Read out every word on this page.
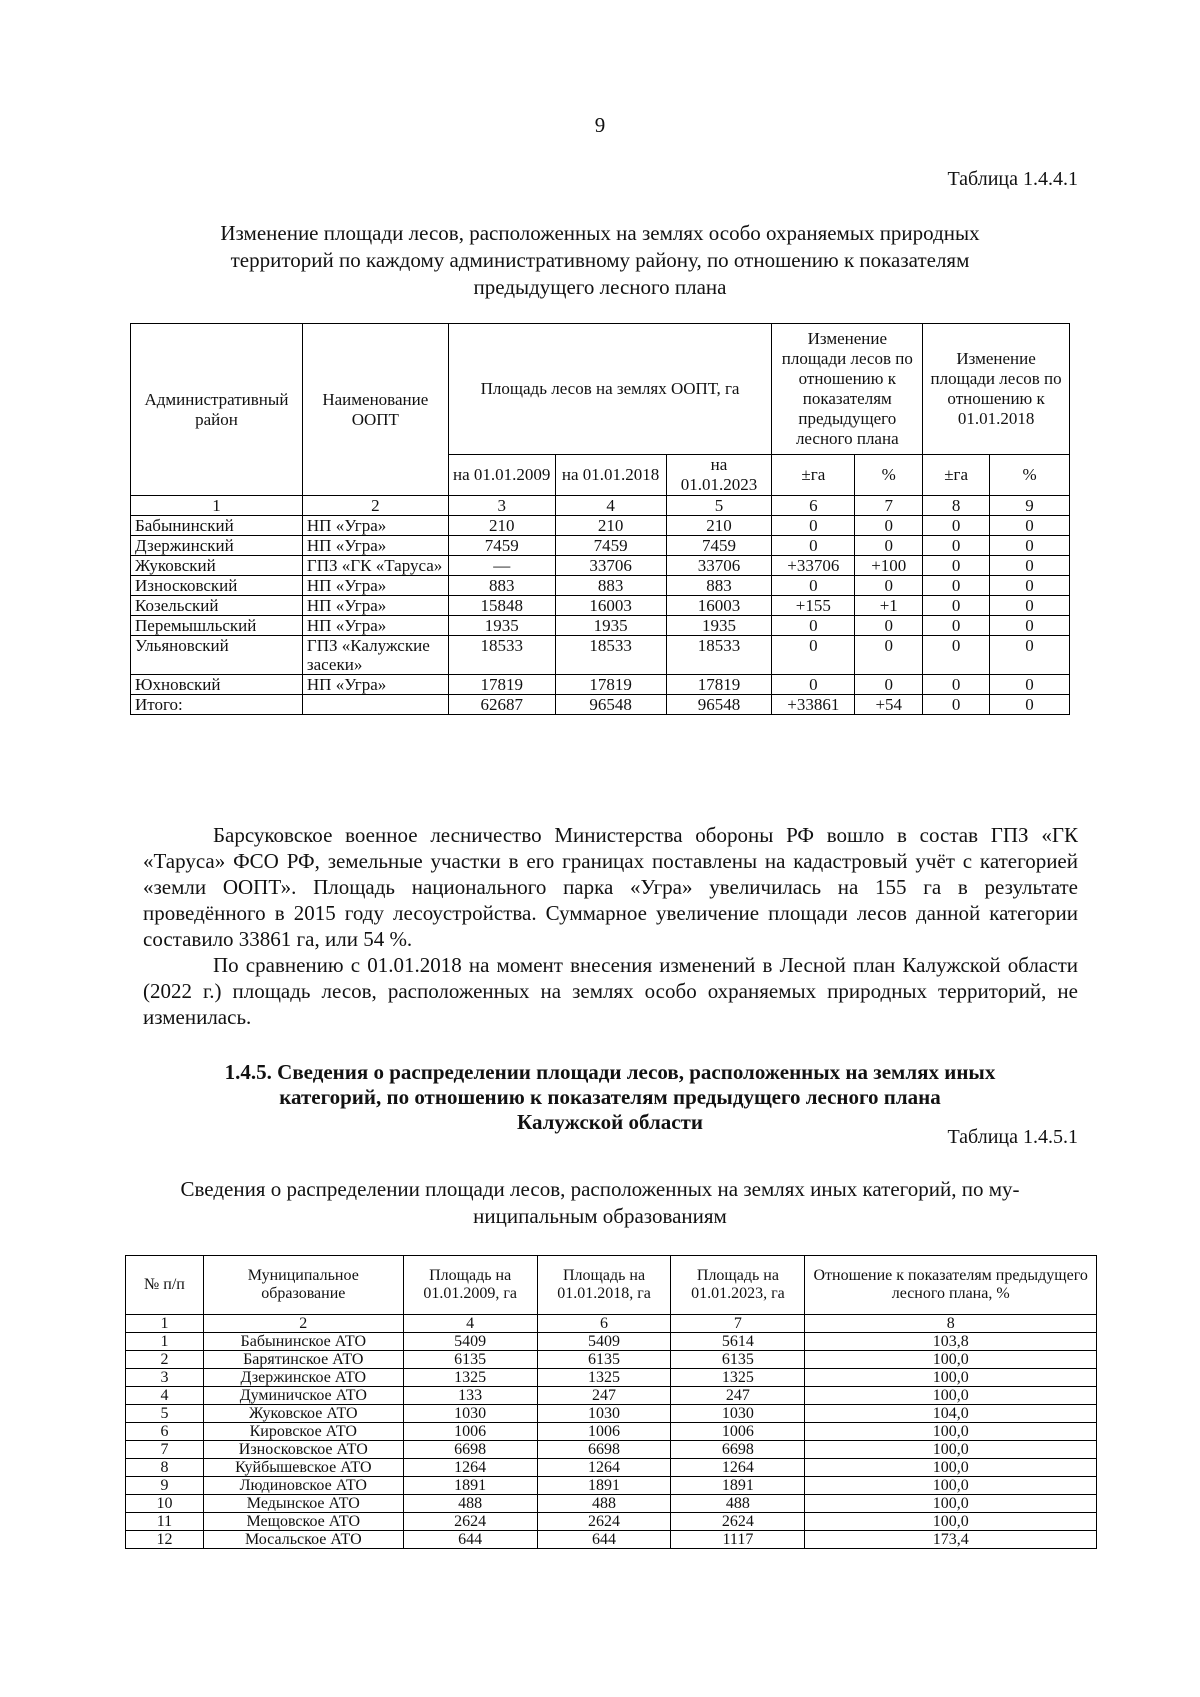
9
Таблица 1.4.4.1
Изменение площади лесов, расположенных на землях особо охраняемых природных
территорий по каждому административному району, по отношению к показателям
предыдущего лесного плана
Административный район	Наименование ООПТ	Площадь лесов на землях ООПТ, га			Изменение площади лесов по отношению к показателям предыдущего лесного плана		Изменение площади лесов по отношению к 01.01.2018	
		на 01.01.2009	на 01.01.2018	на 01.01.2023	±га	%	±га	%
1	2	3	4	5	6	7	8	9
Бабынинский	НП «Угра»	210	210	210	0	0	0	0
Дзержинский	НП «Угра»	7459	7459	7459	0	0	0	0
Жуковский	ГПЗ «ГК «Таруса»	—	33706	33706	+33706	+100	0	0
Износковский	НП «Угра»	883	883	883	0	0	0	0
Козельский	НП «Угра»	15848	16003	16003	+155	+1	0	0
Перемышльский	НП «Угра»	1935	1935	1935	0	0	0	0
Ульяновский	ГПЗ «Калужские засеки»	18533	18533	18533	0	0	0	0
Юхновский	НП «Угра»	17819	17819	17819	0	0	0	0
Итого:		62687	96548	96548	+33861	+54	0	0

Барсуковское военное лесничество Министерства обороны РФ вошло в состав ГПЗ «ГК «Таруса» ФСО РФ, земельные участки в его границах поставлены на кадастровый учёт с категорией «земли ООПТ». Площадь национального парка «Угра» увеличилась на 155 га в результате проведённого в 2015 году лесоустройства. Суммарное увеличение площади лесов данной категории составило 33861 га, или 54 %.

По сравнению с 01.01.2018 на момент внесения изменений в Лесной план Калужской области (2022 г.) площадь лесов, расположенных на землях особо охраняемых природных территорий, не изменилась.

1.4.5. Сведения о распределении площади лесов, расположенных на землях иных
категорий, по отношению к показателям предыдущего лесного плана
Калужской области
Таблица 1.4.5.1
Сведения о распределении площади лесов, расположенных на землях иных категорий, по му-
ниципальным образованиям
№ п/п	Муниципальное образование	Площадь на 01.01.2009, га	Площадь на 01.01.2018, га	Площадь на 01.01.2023, га	Отношение к показателям предыдущего лесного плана, %
1	2	4	6	7	8
1	Бабынинское АТО	5409	5409	5614	103,8
2	Барятинское АТО	6135	6135	6135	100,0
3	Дзержинское АТО	1325	1325	1325	100,0
4	Думиничское АТО	133	247	247	100,0
5	Жуковское АТО	1030	1030	1030	104,0
6	Кировское АТО	1006	1006	1006	100,0
7	Износковское АТО	6698	6698	6698	100,0
8	Куйбышевское АТО	1264	1264	1264	100,0
9	Людиновское АТО	1891	1891	1891	100,0
10	Медынское АТО	488	488	488	100,0
11	Мещовское АТО	2624	2624	2624	100,0
12	Мосальское АТО	644	644	1117	173,4
